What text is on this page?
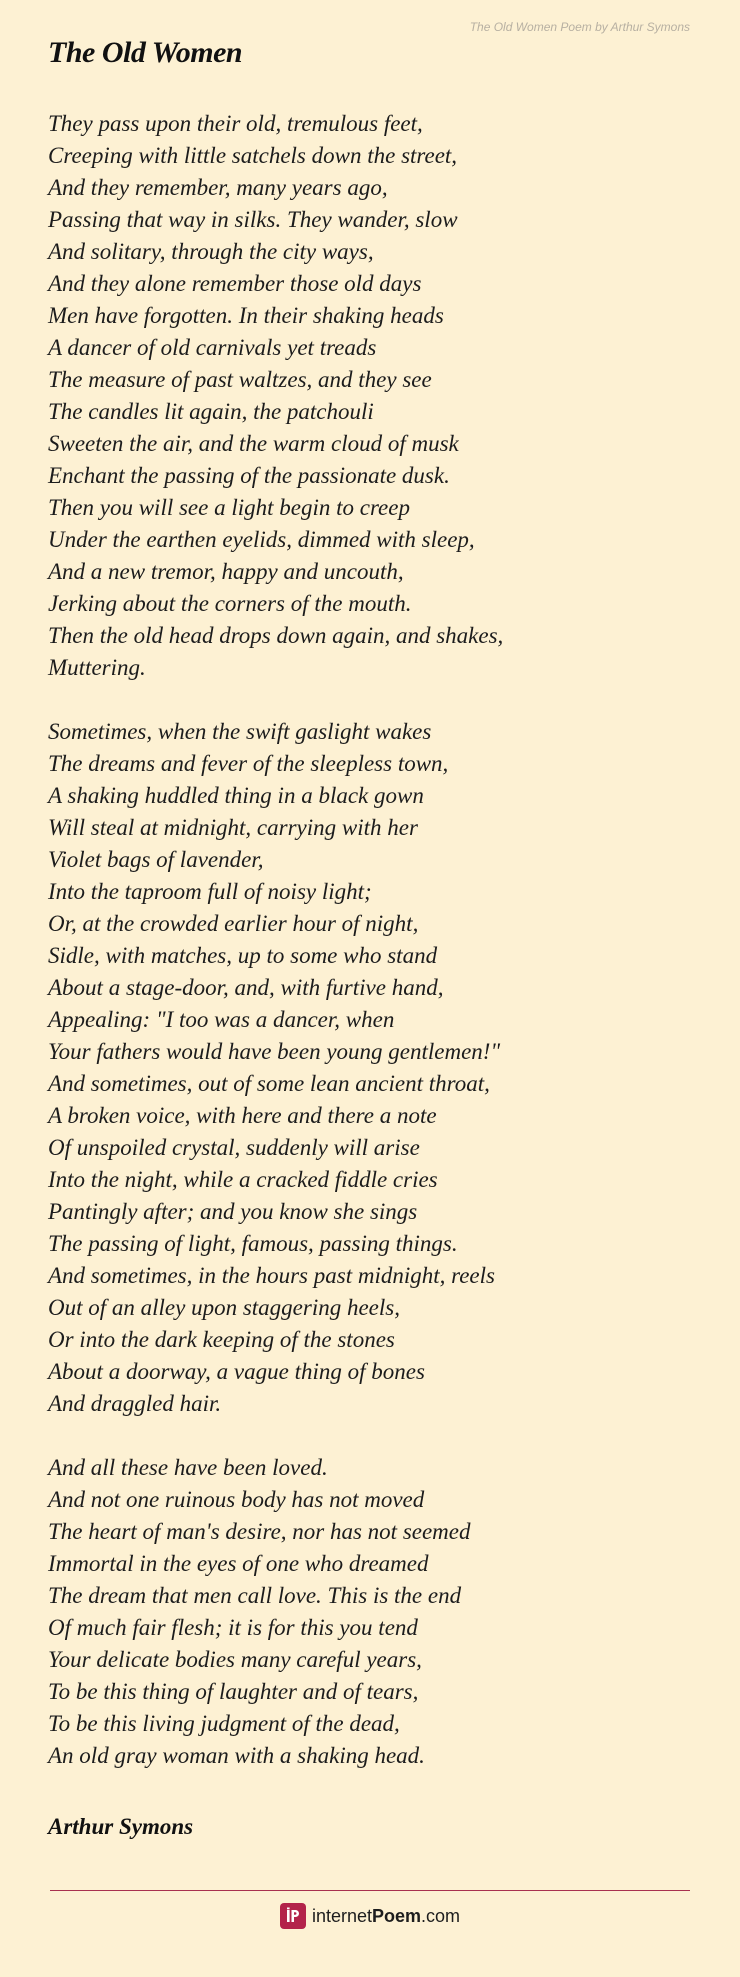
The Old Women Poem by Arthur Symons
The Old Women
They pass upon their old, tremulous feet,
Creeping with little satchels down the street,
And they remember, many years ago,
Passing that way in silks. They wander, slow
And solitary, through the city ways,
And they alone remember those old days
Men have forgotten. In their shaking heads
A dancer of old carnivals yet treads
The measure of past waltzes, and they see
The candles lit again, the patchouli
Sweeten the air, and the warm cloud of musk
Enchant the passing of the passionate dusk.
Then you will see a light begin to creep
Under the earthen eyelids, dimmed with sleep,
And a new tremor, happy and uncouth,
Jerking about the corners of the mouth.
Then the old head drops down again, and shakes,
Muttering.
Sometimes, when the swift gaslight wakes
The dreams and fever of the sleepless town,
A shaking huddled thing in a black gown
Will steal at midnight, carrying with her
Violet bags of lavender,
Into the taproom full of noisy light;
Or, at the crowded earlier hour of night,
Sidle, with matches, up to some who stand
About a stage-door, and, with furtive hand,
Appealing: "I too was a dancer, when
Your fathers would have been young gentlemen!"
And sometimes, out of some lean ancient throat,
A broken voice, with here and there a note
Of unspoiled crystal, suddenly will arise
Into the night, while a cracked fiddle cries
Pantingly after; and you know she sings
The passing of light, famous, passing things.
And sometimes, in the hours past midnight, reels
Out of an alley upon staggering heels,
Or into the dark keeping of the stones
About a doorway, a vague thing of bones
And draggled hair.
And all these have been loved.
And not one ruinous body has not moved
The heart of man's desire, nor has not seemed
Immortal in the eyes of one who dreamed
The dream that men call love. This is the end
Of much fair flesh; it is for this you tend
Your delicate bodies many careful years,
To be this thing of laughter and of tears,
To be this living judgment of the dead,
An old gray woman with a shaking head.
Arthur Symons
internetPoem.com
